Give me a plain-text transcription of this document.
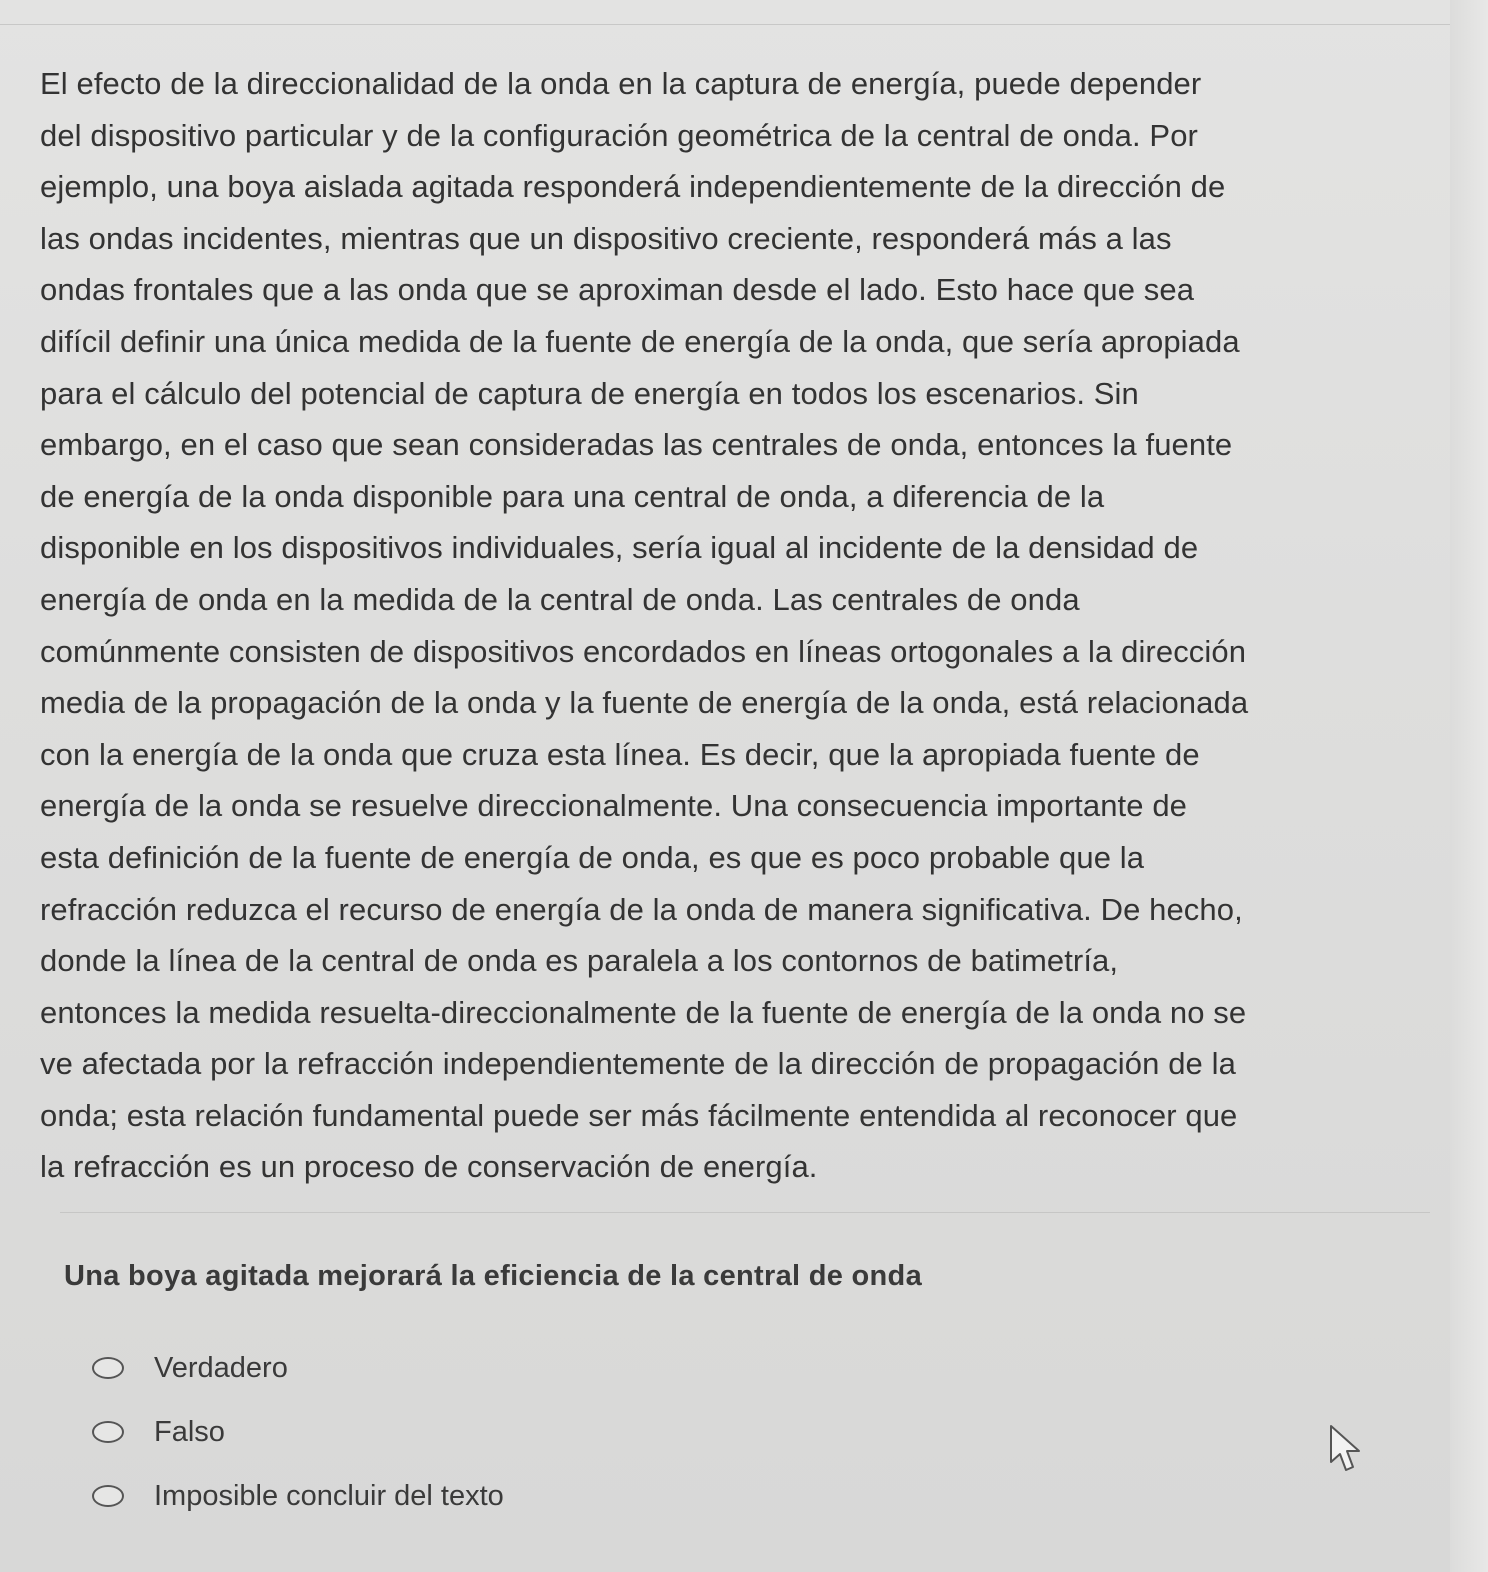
El efecto de la direccionalidad de la onda en la captura de energía, puede depender
del dispositivo particular y de la configuración geométrica de la central de onda. Por
ejemplo, una boya aislada agitada responderá independientemente de la dirección de
las ondas incidentes, mientras que un dispositivo creciente, responderá más a las
ondas frontales que a las onda que se aproximan desde el lado. Esto hace que sea
difícil definir una única medida de la fuente de energía de la onda, que sería apropiada
para el cálculo del potencial de captura de energía en todos los escenarios. Sin
embargo, en el caso que sean consideradas las centrales de onda, entonces la fuente
de energía de la onda disponible para una central de onda, a diferencia de la
disponible en los dispositivos individuales, sería igual al incidente de la densidad de
energía de onda en la medida de la central de onda. Las centrales de onda
comúnmente consisten de dispositivos encordados en líneas ortogonales a la dirección
media de la propagación de la onda y la fuente de energía de la onda, está relacionada
con la energía de la onda que cruza esta línea. Es decir, que la apropiada fuente de
energía de la onda se resuelve direccionalmente. Una consecuencia importante de
esta definición de la fuente de energía de onda, es que es poco probable que la
refracción reduzca el recurso de energía de la onda de manera significativa. De hecho,
donde la línea de la central de onda es paralela a los contornos de batimetría,
entonces la medida resuelta-direccionalmente de la fuente de energía de la onda no se
ve afectada por la refracción independientemente de la dirección de propagación de la
onda; esta relación fundamental puede ser más fácilmente entendida al reconocer que
la refracción es un proceso de conservación de energía.

Una boya agitada mejorará la eficiencia de la central de onda

Verdadero
Falso
Imposible concluir del texto
